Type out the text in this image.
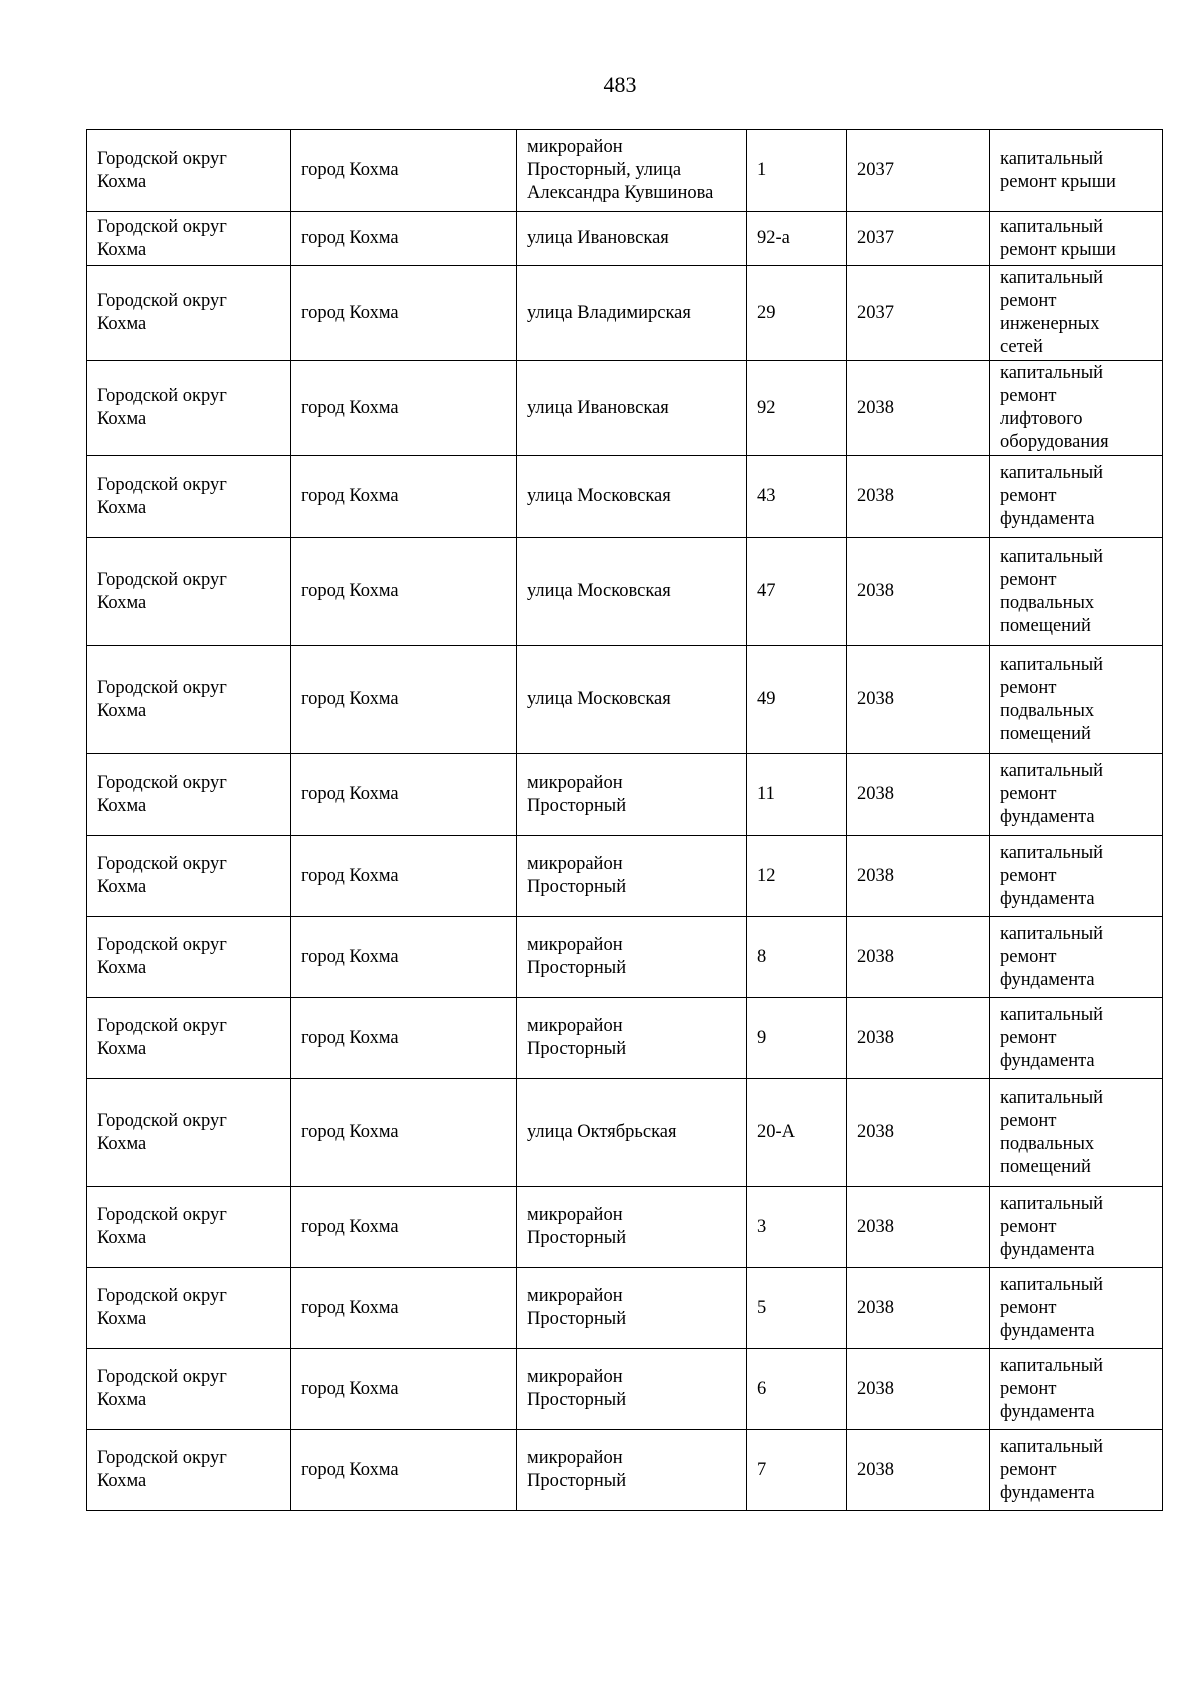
483
Городской округ
Кохма	город Кохма	микрорайон
Просторный, улица
Александра Кувшинова	1	2037	капитальный
ремонт крыши

Городской округ
Кохма	город Кохма	улица Ивановская	92-а	2037	капитальный
ремонт крыши

Городской округ
Кохма	город Кохма	улица Владимирская	29	2037	капитальный
ремонт
инженерных
сетей

Городской округ
Кохма	город Кохма	улица Ивановская	92	2038	капитальный
ремонт
лифтового
оборудования

Городской округ
Кохма	город Кохма	улица Московская	43	2038	капитальный
ремонт
фундамента

Городской округ
Кохма	город Кохма	улица Московская	47	2038	капитальный
ремонт
подвальных
помещений

Городской округ
Кохма	город Кохма	улица Московская	49	2038	капитальный
ремонт
подвальных
помещений

Городской округ
Кохма	город Кохма	микрорайон
Просторный	11	2038	капитальный
ремонт
фундамента

Городской округ
Кохма	город Кохма	микрорайон
Просторный	12	2038	капитальный
ремонт
фундамента

Городской округ
Кохма	город Кохма	микрорайон
Просторный	8	2038	капитальный
ремонт
фундамента

Городской округ
Кохма	город Кохма	микрорайон
Просторный	9	2038	капитальный
ремонт
фундамента

Городской округ
Кохма	город Кохма	улица Октябрьская	20-А	2038	капитальный
ремонт
подвальных
помещений

Городской округ
Кохма	город Кохма	микрорайон
Просторный	3	2038	капитальный
ремонт
фундамента

Городской округ
Кохма	город Кохма	микрорайон
Просторный	5	2038	капитальный
ремонт
фундамента

Городской округ
Кохма	город Кохма	микрорайон
Просторный	6	2038	капитальный
ремонт
фундамента

Городской округ
Кохма	город Кохма	микрорайон
Просторный	7	2038	капитальный
ремонт
фундамента
